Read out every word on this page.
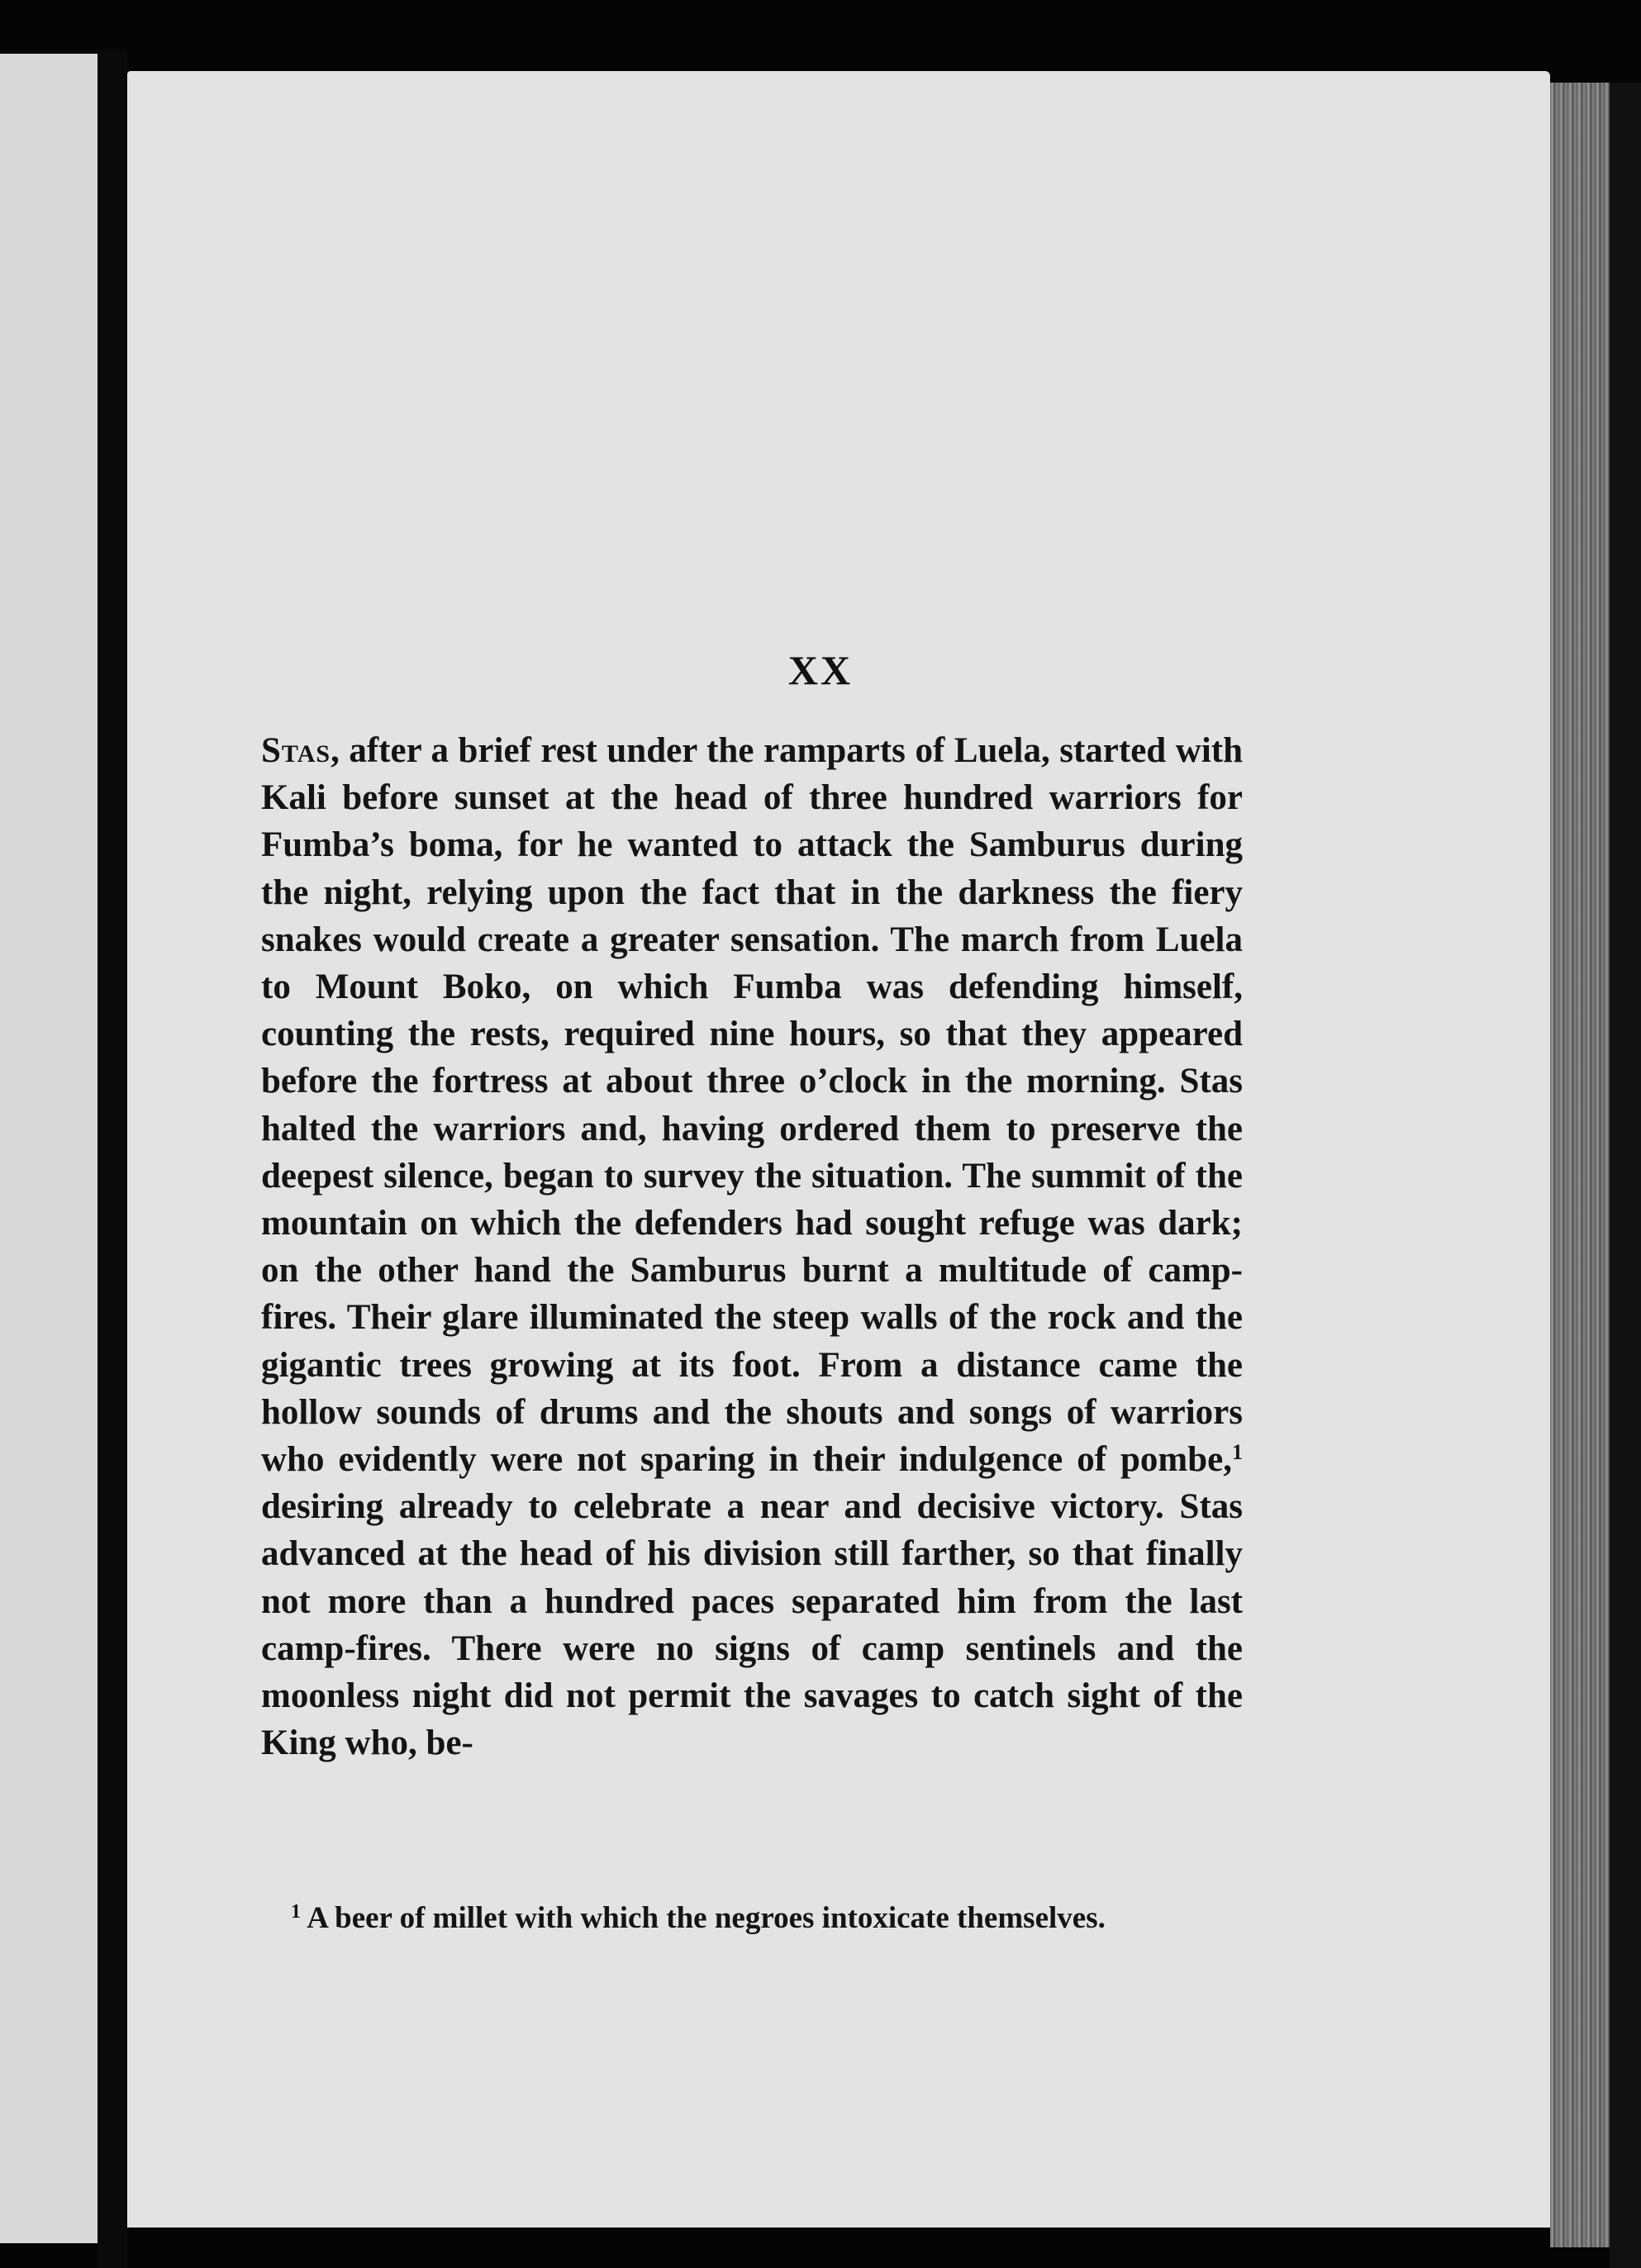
XX

Stas, after a brief rest under the ramparts of Luela, started with Kali before sunset at the head of three hundred warriors for Fumba’s boma, for he wanted to attack the Samburus during the night, relying upon the fact that in the darkness the fiery snakes would create a greater sensation. The march from Luela to Mount Boko, on which Fumba was defending himself, counting the rests, required nine hours, so that they appeared before the fortress at about three o’clock in the morning. Stas halted the warriors and, having ordered them to preserve the deepest silence, began to survey the situation. The summit of the mountain on which the defenders had sought refuge was dark; on the other hand the Samburus burnt a multitude of camp-fires. Their glare illuminated the steep walls of the rock and the gigantic trees growing at its foot. From a distance came the hollow sounds of drums and the shouts and songs of warriors who evidently were not sparing in their indulgence of pombe,$^1$ desiring already to celebrate a near and decisive victory. Stas advanced at the head of his division still farther, so that finally not more than a hundred paces separated him from the last camp-fires. There were no signs of camp sentinels and the moonless night did not permit the savages to catch sight of the King who, be-

$^1$ A beer of millet with which the negroes intoxicate themselves.
